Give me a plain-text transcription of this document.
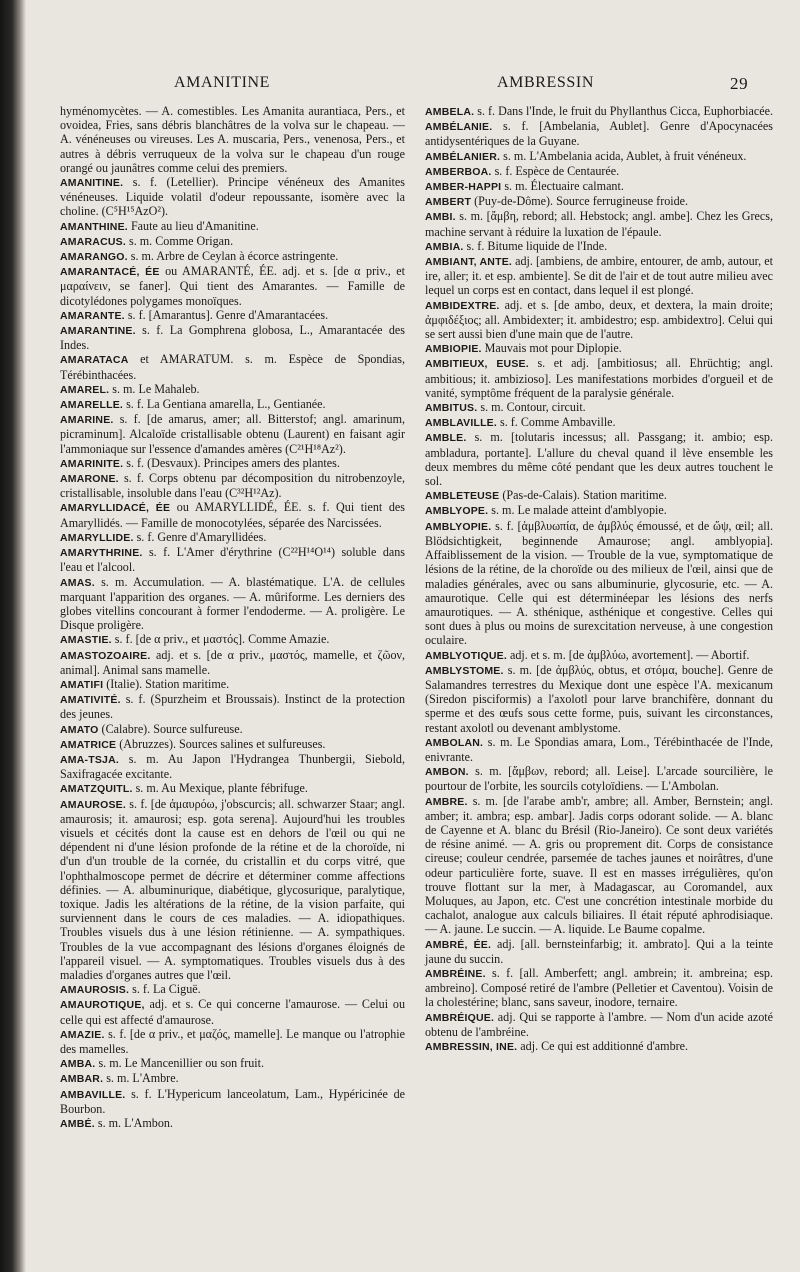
AMANITINE	AMBRESSIN	29

hyménomycètes. — A. comestibles. Les Amanita aurantiaca, Pers., et ovoidea, Fries, sans débris blanchâtres de la volva sur le chapeau. — A. vénéneuses ou vireuses. Les A. muscaria, Pers., venenosa, Pers., et autres à débris verruqueux de la volva sur le chapeau d'un rouge orangé ou jaunâtres comme celui des premiers.

AMANITINE. s. f. (Letellier). Principe vénéneux des Amanites vénéneuses. Liquide volatil d'odeur repoussante, isomère avec la choline. (C⁵H¹⁵AzO²).

AMANTHINE. Faute au lieu d'Amanitine.

AMARACUS. s. m. Comme Origan.

AMARANGO. s. m. Arbre de Ceylan à écorce astringente.

AMARANTACÉ, ÉE ou AMARANTÉ, ÉE. adj. et s. [de α priv., et μαραίνειν, se faner]. Qui tient des Amarantes. — Famille de dicotylédones polygames monoïques.

AMARANTE. s. f. [Amarantus]. Genre d'Amarantacées.

AMARANTINE. s. f. La Gomphrena globosa, L., Amarantacée des Indes.

AMARATACA et AMARATUM. s. m. Espèce de Spondias, Térébinthacées.

AMAREL. s. m. Le Mahaleb.

AMARELLE. s. f. La Gentiana amarella, L., Gentianée.

AMARINE. s. f. [de amarus, amer; all. Bitterstof; angl. amarinum, picraminum]. Alcaloïde cristallisable obtenu (Laurent) en faisant agir l'ammoniaque sur l'essence d'amandes amères (C²¹H¹⁸Az²).

AMARINITE. s. f. (Desvaux). Principes amers des plantes.

AMARONE. s. f. Corps obtenu par décomposition du nitrobenzoyle, cristallisable, insoluble dans l'eau (C³²H¹²Az).

AMARYLLIDACÉ, ÉE ou AMARYLLIDÉ, ÉE. s. f. Qui tient des Amaryllidés. — Famille de monocotylées, séparée des Narcissées.

AMARYLLIDE. s. f. Genre d'Amaryllidées.

AMARYTHRINE. s. f. L'Amer d'érythrine (C²²H¹⁴O¹⁴) soluble dans l'eau et l'alcool.

AMAS. s. m. Accumulation. — A. blastématique. L'A. de cellules marquant l'apparition des organes. — A. mûriforme. Les derniers des globes vitellins concourant à former l'endoderme. — A. proligère. Le Disque proligère.

AMASTIE. s. f. [de α priv., et μαστός]. Comme Amazie.

AMASTOZOAIRE. adj. et s. [de α priv., μαστός, mamelle, et ζῶον, animal]. Animal sans mamelle.

AMATIFI (Italie). Station maritime.

AMATIVITÉ. s. f. (Spurzheim et Broussais). Instinct de la protection des jeunes.

AMATO (Calabre). Source sulfureuse.

AMATRICE (Abruzzes). Sources salines et sulfureuses.

AMA-TSJA. s. m. Au Japon l'Hydrangea Thunbergii, Siebold, Saxifragacée excitante.

AMATZQUITL. s. m. Au Mexique, plante fébrifuge.

AMAUROSE. s. f. [de ἀμαυρόω, j'obscurcis; all. schwarzer Staar; angl. amaurosis; it. amaurosi; esp. gota serena]. Aujourd'hui les troubles visuels et cécités dont la cause est en dehors de l'œil ou qui ne dépendent ni d'une lésion profonde de la rétine et de la choroïde, ni d'un d'un trouble de la cornée, du cristallin et du corps vitré, que l'ophthalmoscope permet de décrire et déterminer comme affections définies. — A. albuminurique, diabétique, glycosurique, paralytique, toxique. Jadis les altérations de la rétine, de la vision parfaite, qui surviennent dans le cours de ces maladies. — A. idiopathiques. Troubles visuels dus à une lésion rétinienne. — A. sympathiques. Troubles de la vue accompagnant des lésions d'organes éloignés de l'appareil visuel. — A. symptomatiques. Troubles visuels dus à des maladies d'organes autres que l'œil.

AMAUROSIS. s. f. La Ciguë.

AMAUROTIQUE, adj. et s. Ce qui concerne l'amaurose. — Celui ou celle qui est affecté d'amaurose.

AMAZIE. s. f. [de α priv., et μαζός, mamelle]. Le manque ou l'atrophie des mamelles.

AMBA. s. m. Le Mancenillier ou son fruit.

AMBAR. s. m. L'Ambre.

AMBAVILLE. s. f. L'Hypericum lanceolatum, Lam., Hypéricinée de Bourbon.

AMBÉ. s. m. L'Ambon.

AMBELA. s. f. Dans l'Inde, le fruit du Phyllanthus Cicca, Euphorbiacée.

AMBÉLANIE. s. f. [Ambelania, Aublet]. Genre d'Apocynacées antidysentériques de la Guyane.

AMBÉLANIER. s. m. L'Ambelania acida, Aublet, à fruit vénéneux.

AMBERBOA. s. f. Espèce de Centaurée.

AMBER-HAPPI s. m. Électuaire calmant.

AMBERT (Puy-de-Dôme). Source ferrugineuse froide.

AMBI. s. m. [ἄμβη, rebord; all. Hebstock; angl. ambe]. Chez les Grecs, machine servant à réduire la luxation de l'épaule.

AMBIA. s. f. Bitume liquide de l'Inde.

AMBIANT, ANTE. adj. [ambiens, de ambire, entourer, de amb, autour, et ire, aller; it. et esp. ambiente]. Se dit de l'air et de tout autre milieu avec lequel un corps est en contact, dans lequel il est plongé.

AMBIDEXTRE. adj. et s. [de ambo, deux, et dextera, la main droite; ἀμφιδέξιος; all. Ambidexter; it. ambidestro; esp. ambidextro]. Celui qui se sert aussi bien d'une main que de l'autre.

AMBIOPIE. Mauvais mot pour Diplopie.

AMBITIEUX, EUSE. s. et adj. [ambitiosus; all. Ehrüchtig; angl. ambitious; it. ambizioso]. Les manifestations morbides d'orgueil et de vanité, symptôme fréquent de la paralysie générale.

AMBITUS. s. m. Contour, circuit.

AMBLAVILLE. s. f. Comme Ambaville.

AMBLE. s. m. [tolutaris incessus; all. Passgang; it. ambio; esp. ambladura, portante]. L'allure du cheval quand il lève ensemble les deux membres du même côté pendant que les deux autres touchent le sol.

AMBLETEUSE (Pas-de-Calais). Station maritime.

AMBLYOPE. s. m. Le malade atteint d'amblyopie.

AMBLYOPIE. s. f. [ἀμβλυωπία, de ἀμβλύς émoussé, et de ὤψ, œil; all. Blödsichtigkeit, beginnende Amaurose; angl. amblyopia]. Affaiblissement de la vision. — Trouble de la vue, symptomatique de lésions de la rétine, de la choroïde ou des milieux de l'œil, ainsi que de maladies générales, avec ou sans albuminurie, glycosurie, etc. — A. amaurotique. Celle qui est déterminéepar les lésions des nerfs amaurotiques. — A. sthénique, asthénique et congestive. Celles qui sont dues à plus ou moins de surexcitation nerveuse, à une congestion oculaire.

AMBLYOTIQUE. adj. et s. m. [de ἀμβλύω, avortement]. — Abortif.

AMBLYSTOME. s. m. [de ἀμβλύς, obtus, et στόμα, bouche]. Genre de Salamandres terrestres du Mexique dont une espèce l'A. mexicanum (Siredon pisciformis) a l'axolotl pour larve branchifère, donnant du sperme et des œufs sous cette forme, puis, suivant les circonstances, restant axolotl ou devenant amblystome.

AMBOLAN. s. m. Le Spondias amara, Lom., Térébinthacée de l'Inde, enivrante.

AMBON. s. m. [ἄμβων, rebord; all. Leise]. L'arcade sourcilière, le pourtour de l'orbite, les sourcils cotyloïdiens. — L'Ambolan.

AMBRE. s. m. [de l'arabe amb'r, ambre; all. Amber, Bernstein; angl. amber; it. ambra; esp. ambar]. Jadis corps odorant solide. — A. blanc de Cayenne et A. blanc du Brésil (Rio-Janeiro). Ce sont deux variétés de résine animé. — A. gris ou proprement dit. Corps de consistance cireuse; couleur cendrée, parsemée de taches jaunes et noirâtres, d'une odeur particulière forte, suave. Il est en masses irrégulières, qu'on trouve flottant sur la mer, à Madagascar, au Coromandel, aux Moluques, au Japon, etc. C'est une concrétion intestinale morbide du cachalot, analogue aux calculs biliaires. Il était réputé aphrodisiaque. — A. jaune. Le succin. — A. liquide. Le Baume copalme.

AMBRÉ, ÉE. adj. [all. bernsteinfarbig; it. ambrato]. Qui a la teinte jaune du succin.

AMBRÉINE. s. f. [all. Amberfett; angl. ambrein; it. ambreina; esp. ambreino]. Composé retiré de l'ambre (Pelletier et Caventou). Voisin de la cholestérine; blanc, sans saveur, inodore, ternaire.

AMBRÉIQUE. adj. Qui se rapporte à l'ambre. — Nom d'un acide azoté obtenu de l'ambréine.

AMBRESSIN, INE. adj. Ce qui est additionné d'ambre.
